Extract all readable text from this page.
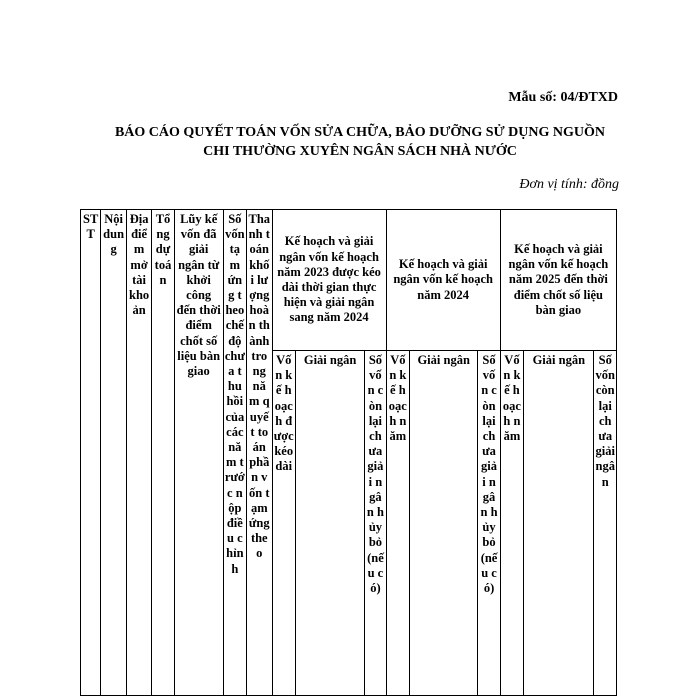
Mẫu số: 04/ĐTXD
BÁO CÁO QUYẾT TOÁN VỐN SỬA CHỮA, BẢO DƯỠNG SỬ DỤNG NGUỒN
CHI THƯỜNG XUYÊN NGÂN SÁCH NHÀ NƯỚC
Đơn vị tính: đồng
STT	Nội dung	Địa điểm mở tài khoản	Tổng dự toán	Lũy kế vốn đã giải ngân từ khởi công đến thời điểm chốt số liệu bàn giao	Số vốn tạm ứng theo chế độ chưa thu hồi của các năm trước nộp điều chỉnh	Thanh toán khối lượng hoàn thành trong năm quyết toán phần vốn tạm ứng theo	Kế hoạch và giải ngân vốn kế hoạch năm 2023 được kéo dài thời gian thực hiện và giải ngân sang năm 2024			Kế hoạch và giải ngân vốn kế hoạch năm 2024			Kế hoạch và giải ngân vốn kế hoạch năm 2025 đến thời điểm chốt số liệu bàn giao		
							Vốn kế hoạch được kéo dài	Giải ngân	Số vốn còn lại chưa giải ngân hủy bỏ (nếu có)	Vốn kế hoạch năm	Giải ngân	Số vốn còn lại chưa giải ngân hủy bỏ (nếu có)	Vốn kế hoạch năm	Giải ngân	Số vốn còn lại chưa giải ngân
